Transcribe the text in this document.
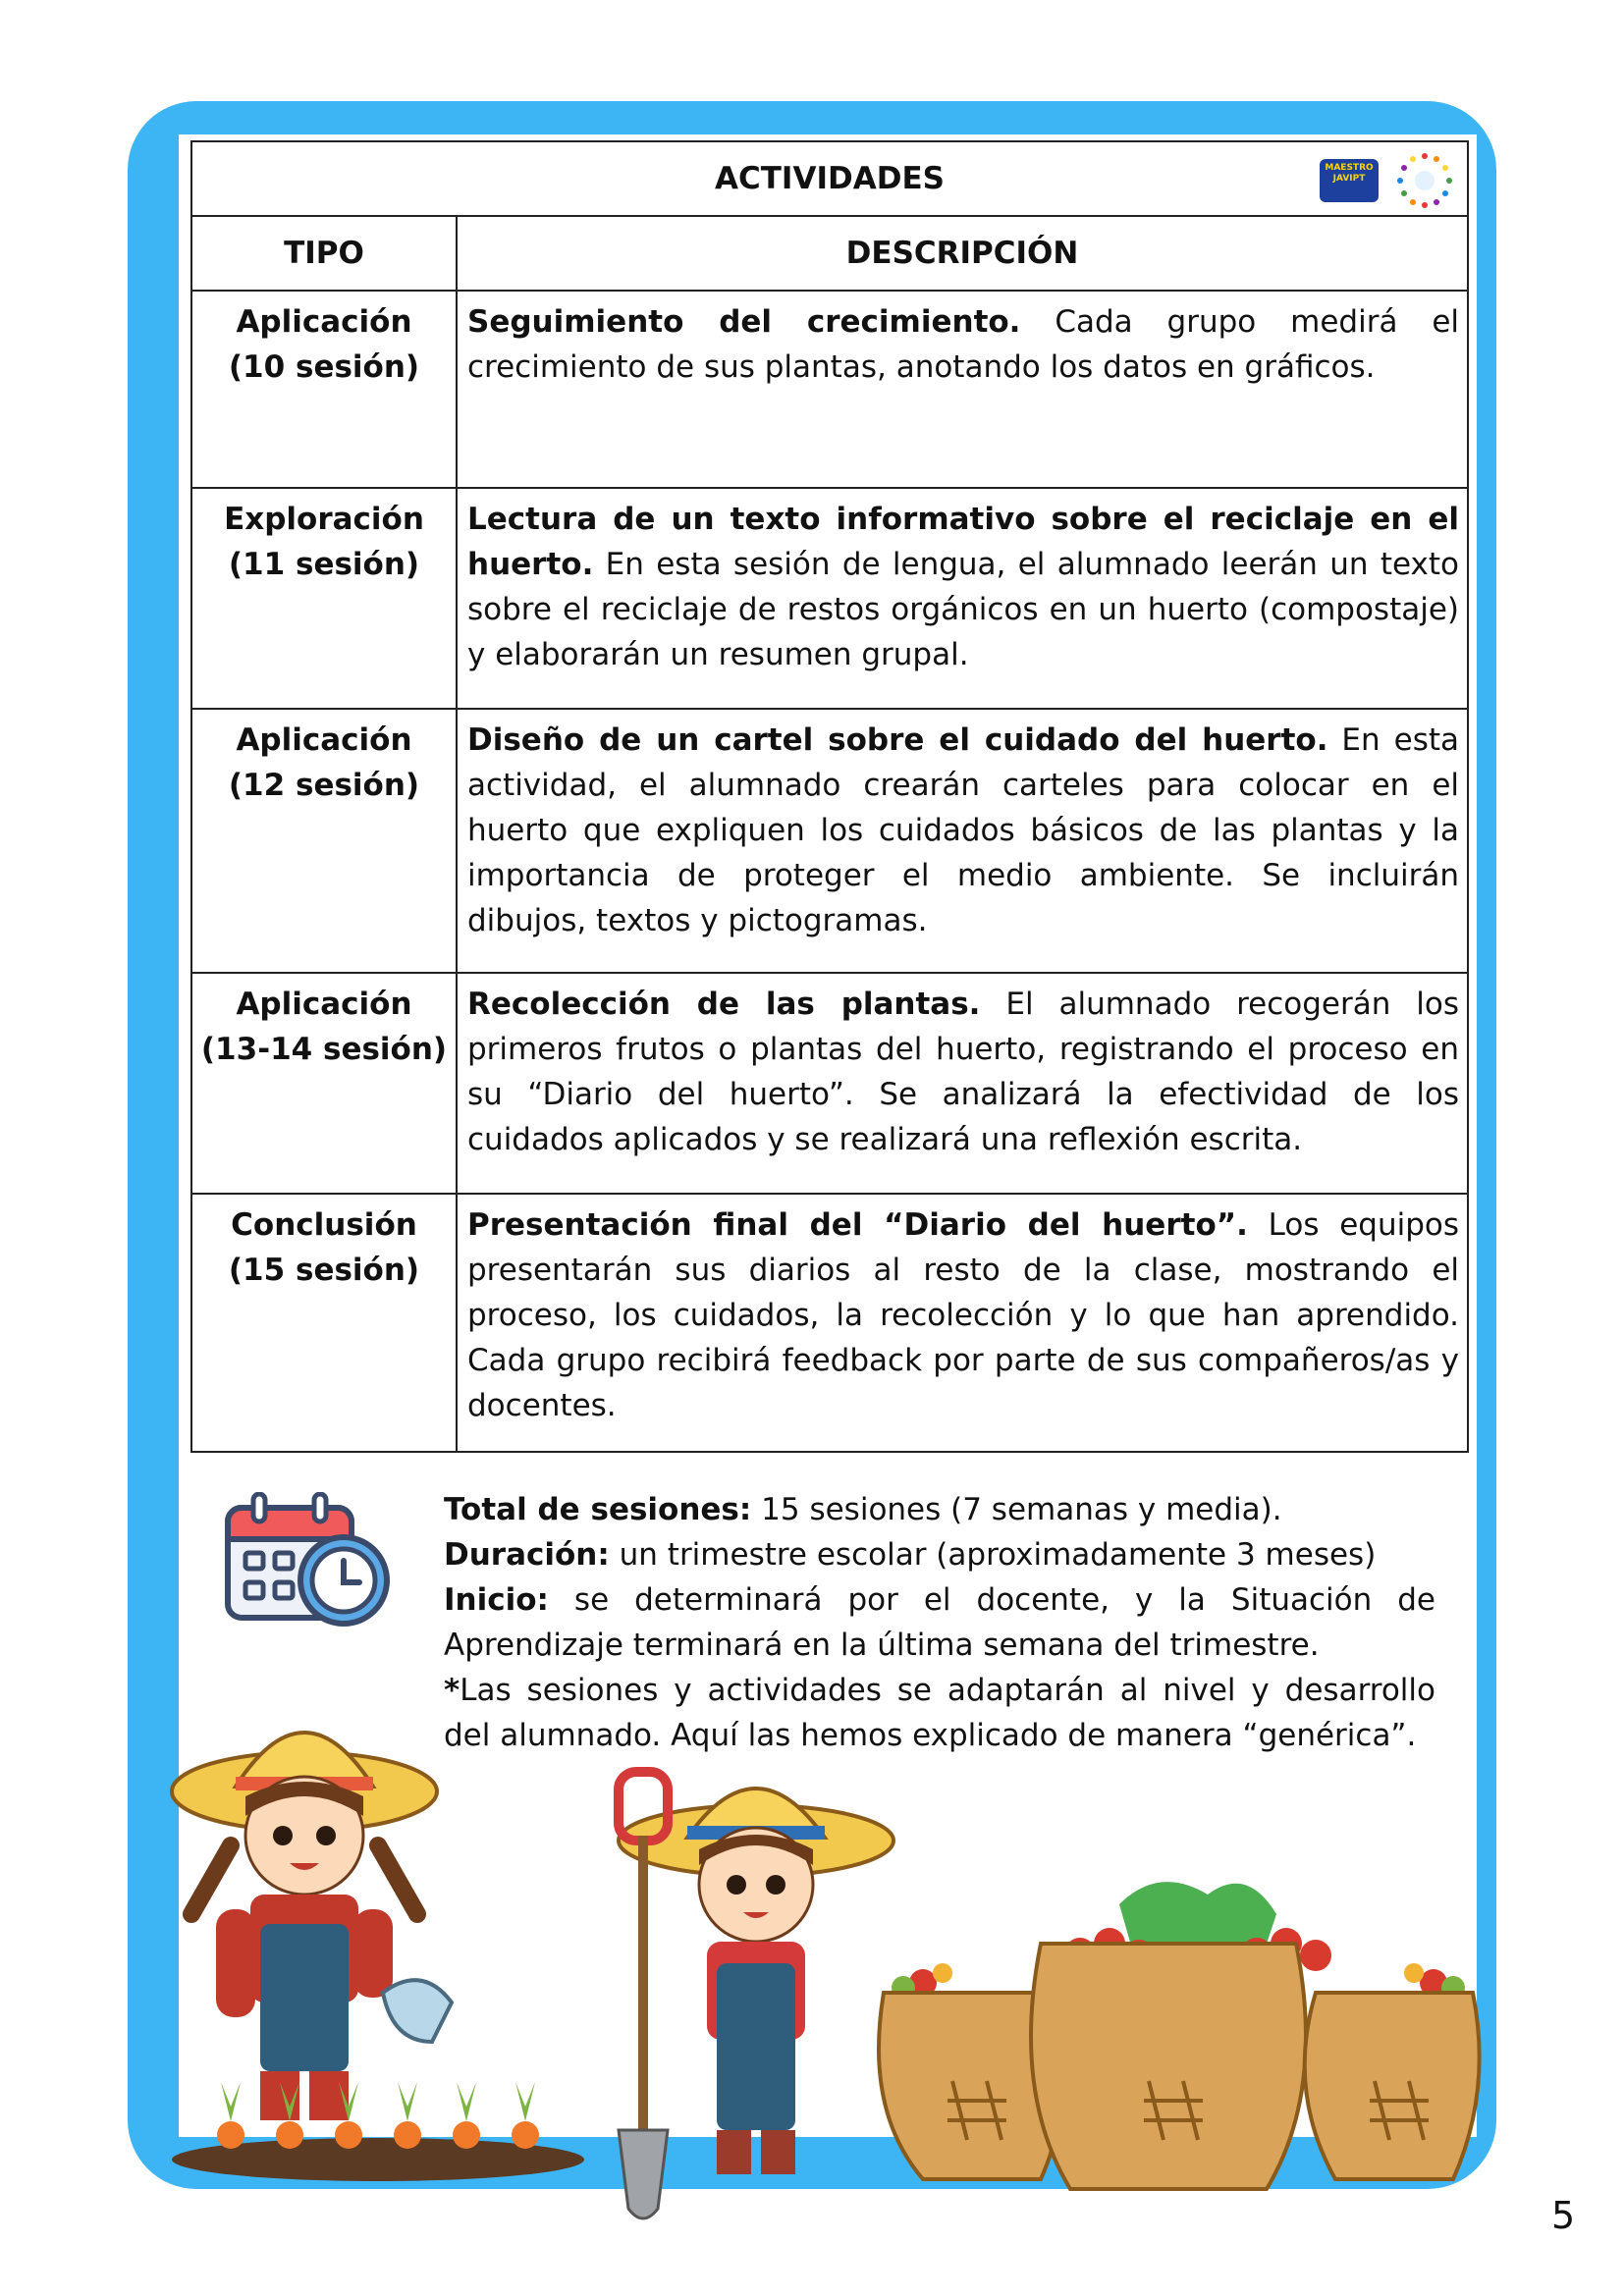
ACTIVIDADES MAESTRO JAVIPT	

TIPO	DESCRIPCIÓN

Aplicación
(10 sesión)	Seguimiento del crecimiento. Cada grupo medirá el crecimiento de sus plantas, anotando los datos en gráficos.

Exploración
(11 sesión)	Lectura de un texto informativo sobre el reciclaje en el huerto. En esta sesión de lengua, el alumnado leerán un texto sobre el reciclaje de restos orgánicos en un huerto (compostaje) y elaborarán un resumen grupal.

Aplicación
(12 sesión)	Diseño de un cartel sobre el cuidado del huerto. En esta actividad, el alumnado crearán carteles para colocar en el huerto que expliquen los cuidados básicos de las plantas y la importancia de proteger el medio ambiente. Se incluirán dibujos, textos y pictogramas.

Aplicación
(13-14 sesión)	Recolección de las plantas. El alumnado recogerán los primeros frutos o plantas del huerto, registrando el proceso en su “Diario del huerto”. Se analizará la efectividad de los cuidados aplicados y se realizará una reflexión escrita.

Conclusión
(15 sesión)	Presentación final del “Diario del huerto”. Los equipos presentarán sus diarios al resto de la clase, mostrando el proceso, los cuidados, la recolección y lo que han aprendido. Cada grupo recibirá feedback por parte de sus compañeros/as y docentes.

Total de sesiones: 15 sesiones (7 semanas y media).

Duración: un trimestre escolar (aproximadamente 3 meses)

Inicio: se determinará por el docente, y la Situación de Aprendizaje terminará en la última semana del trimestre.

*Las sesiones y actividades se adaptarán al nivel y desarrollo del alumnado. Aquí las hemos explicado de manera “genérica”.

5
